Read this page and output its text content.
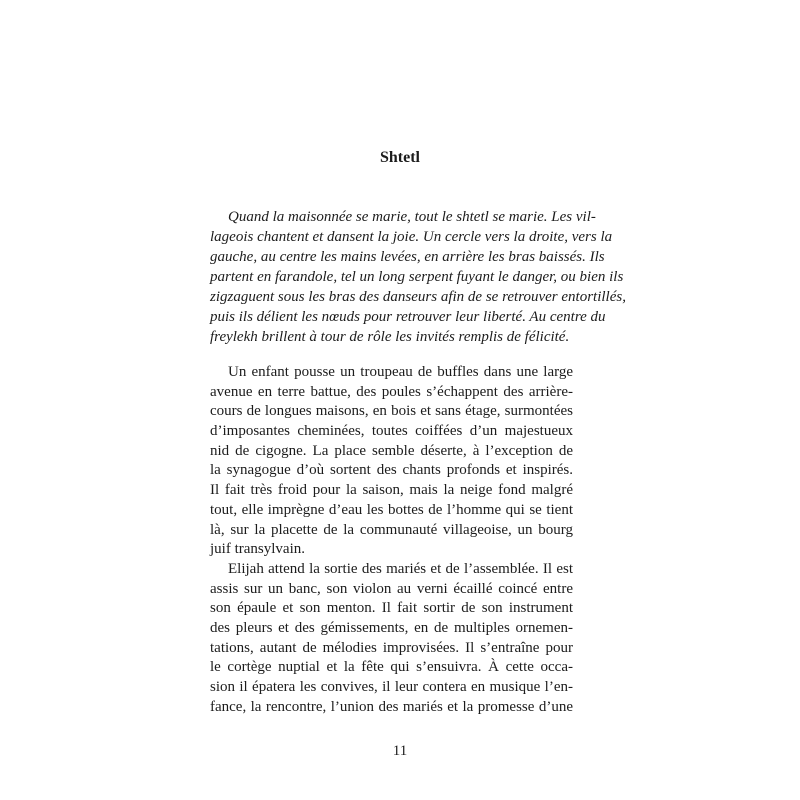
Shtetl
Quand la maisonnée se marie, tout le shtetl se marie. Les vil-
lageois chantent et dansent la joie. Un cercle vers la droite, vers la
gauche, au centre les mains levées, en arrière les bras baissés. Ils
partent en farandole, tel un long serpent fuyant le danger, ou bien ils
zigzaguent sous les bras des danseurs afin de se retrouver entortillés,
puis ils délient les nœuds pour retrouver leur liberté. Au centre du
freylekh brillent à tour de rôle les invités remplis de félicité.
Un enfant pousse un troupeau de buffles dans une large
avenue en terre battue, des poules s’échappent des arrière-
cours de longues maisons, en bois et sans étage, surmontées
d’imposantes cheminées, toutes coiffées d’un majestueux
nid de cigogne. La place semble déserte, à l’exception de
la synagogue d’où sortent des chants profonds et inspirés.
Il fait très froid pour la saison, mais la neige fond malgré
tout, elle imprègne d’eau les bottes de l’homme qui se tient
là, sur la placette de la communauté villageoise, un bourg
juif transylvain.
Elijah attend la sortie des mariés et de l’assemblée. Il est
assis sur un banc, son violon au verni écaillé coincé entre
son épaule et son menton. Il fait sortir de son instrument
des pleurs et des gémissements, en de multiples ornemen-
tations, autant de mélodies improvisées. Il s’entraîne pour
le cortège nuptial et la fête qui s’ensuivra. À cette occa-
sion il épatera les convives, il leur contera en musique l’en-
fance, la rencontre, l’union des mariés et la promesse d’une
11
